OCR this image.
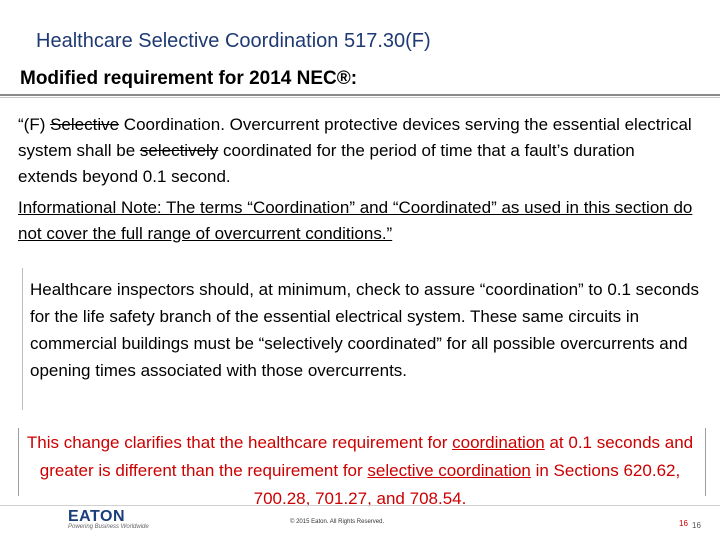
Healthcare Selective Coordination 517.30(F)
Modified requirement for 2014 NEC®:

“(F) Selective Coordination. Overcurrent protective devices serving the essential electrical system shall be selectively coordinated for the period of time that a fault’s duration extends beyond 0.1 second.

Informational Note: The terms “Coordination” and “Coordinated” as used in this section do not cover the full range of overcurrent conditions.”
Healthcare inspectors should, at minimum, check to assure “coordination” to 0.1 seconds for the life safety branch of the essential electrical system. These same circuits in commercial buildings must be “selectively coordinated” for all possible overcurrents and opening times associated with those overcurrents.
This change clarifies that the healthcare requirement for coordination at 0.1 seconds and greater is different than the requirement for selective coordination in Sections 620.62, 700.28, 701.27, and 708.54.
EATON
Powering Business Worldwide
© 2015 Eaton. All Rights Reserved.	16 16
